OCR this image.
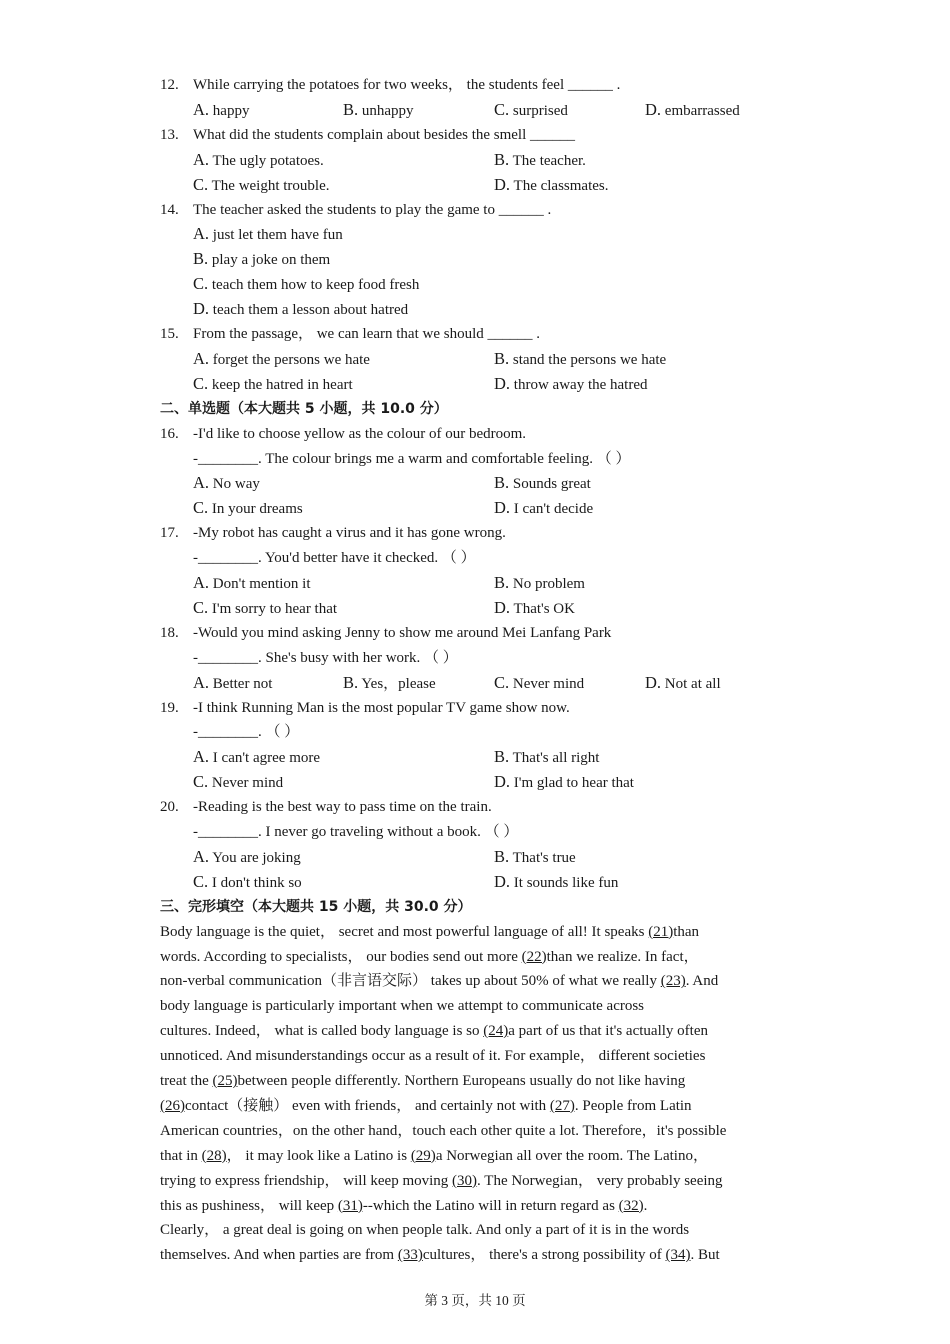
12. While carrying the potatoes for two weeks， the students feel ______ .
A. happy	B. unhappy	C. surprised	D. embarrassed
13. What did the students complain about besides the smell ______
A. The ugly potatoes.	B. The teacher.
C. The weight trouble.	D. The classmates.
14. The teacher asked the students to play the game to ______ .
A. just let them have fun
B. play a joke on them
C. teach them how to keep food fresh
D. teach them a lesson about hatred
15. From the passage， we can learn that we should ______ .
A. forget the persons we hate	B. stand the persons we hate
C. keep the hatred in heart	D. throw away the hatred
二、单选题（本大题共 5 小题，共 10.0 分）
16. -I'd like to choose yellow as the colour of our bedroom.
-________. The colour brings me a warm and comfortable feeling. （ ）
A. No way	B. Sounds great
C. In your dreams	D. I can't decide
17. -My robot has caught a virus and it has gone wrong.
-________. You'd better have it checked. （ ）
A. Don't mention it	B. No problem
C. I'm sorry to hear that	D. That's OK
18. -Would you mind asking Jenny to show me around Mei Lanfang Park
-________. She's busy with her work. （ ）
A. Better not	B. Yes，please	C. Never mind	D. Not at all
19. -I think Running Man is the most popular TV game show now.
-________. （ ）
A. I can't agree more	B. That's all right
C. Never mind	D. I'm glad to hear that
20. -Reading is the best way to pass time on the train.
-________. I never go traveling without a book. （ ）
A. You are joking	B. That's true
C. I don't think so	D. It sounds like fun
三、完形填空（本大题共 15 小题，共 30.0 分）
Body language is the quiet， secret and most powerful language of all! It speaks (21)than
words. According to specialists， our bodies send out more (22)than we realize. In fact，
non-verbal communication（非言语交际） takes up about 50% of what we really (23). And
body language is particularly important when we attempt to communicate across
cultures. Indeed， what is called body language is so (24)a part of us that it's actually often
unnoticed. And misunderstandings occur as a result of it. For example， different societies
treat the (25)between people differently. Northern Europeans usually do not like having
(26)contact（接触） even with friends， and certainly not with (27). People from Latin
American countries，on the other hand，touch each other quite a lot. Therefore，it's possible
that in (28)， it may look like a Latino is (29)a Norwegian all over the room. The Latino，
trying to express friendship， will keep moving (30). The Norwegian， very probably seeing
this as pushiness， will keep (31)--which the Latino will in return regard as (32).
Clearly， a great deal is going on when people talk. And only a part of it is in the words
themselves. And when parties are from (33)cultures， there's a strong possibility of (34). But
第 3 页，共 10 页
